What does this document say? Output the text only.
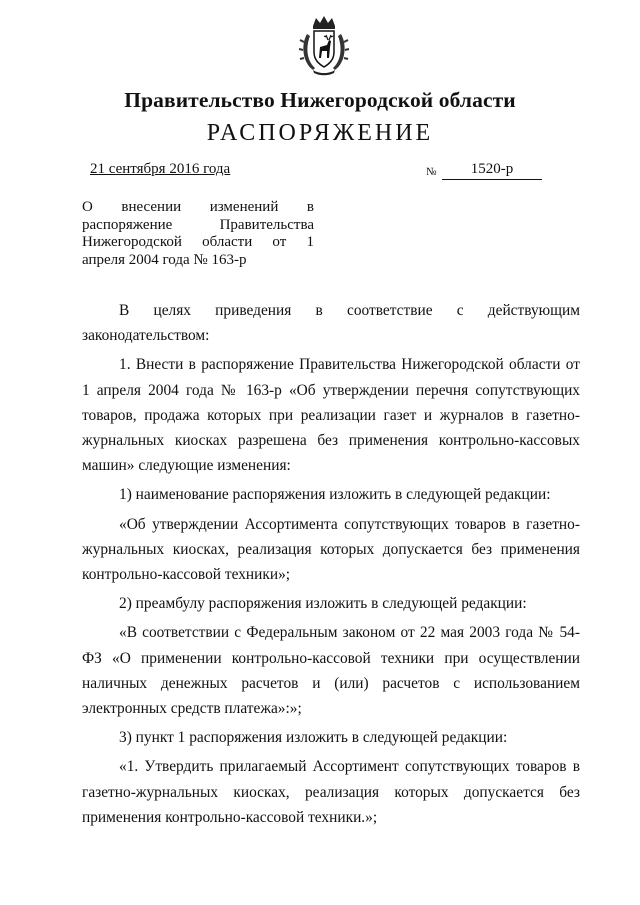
Правительство Нижегородской области
РАСПОРЯЖЕНИЕ
21 сентября 2016 года	№	1520-р

О внесении изменений в

распоряжение Правительства

Нижегородской области от 1

апреля 2004 года № 163-р

В целях приведения в соответствие с действующим законодательством:

1. Внести в распоряжение Правительства Нижегородской области от 1 апреля 2004 года № 163-р «Об утверждении перечня сопутствующих товаров, продажа которых при реализации газет и журналов в газетно-журнальных киосках разрешена без применения контрольно-кассовых машин» следующие изменения:

1) наименование распоряжения изложить в следующей редакции:

«Об утверждении Ассортимента сопутствующих товаров в газетно-журнальных киосках, реализация которых допускается без применения контрольно-кассовой техники»;

2) преамбулу распоряжения изложить в следующей редакции:

«В соответствии с Федеральным законом от 22 мая 2003 года № 54-ФЗ «О применении контрольно-кассовой техники при осуществлении наличных денежных расчетов и (или) расчетов с использованием электронных средств платежа»:»;

3) пункт 1 распоряжения изложить в следующей редакции:

«1. Утвердить прилагаемый Ассортимент сопутствующих товаров в газетно-журнальных киосках, реализация которых допускается без применения контрольно-кассовой техники.»;
